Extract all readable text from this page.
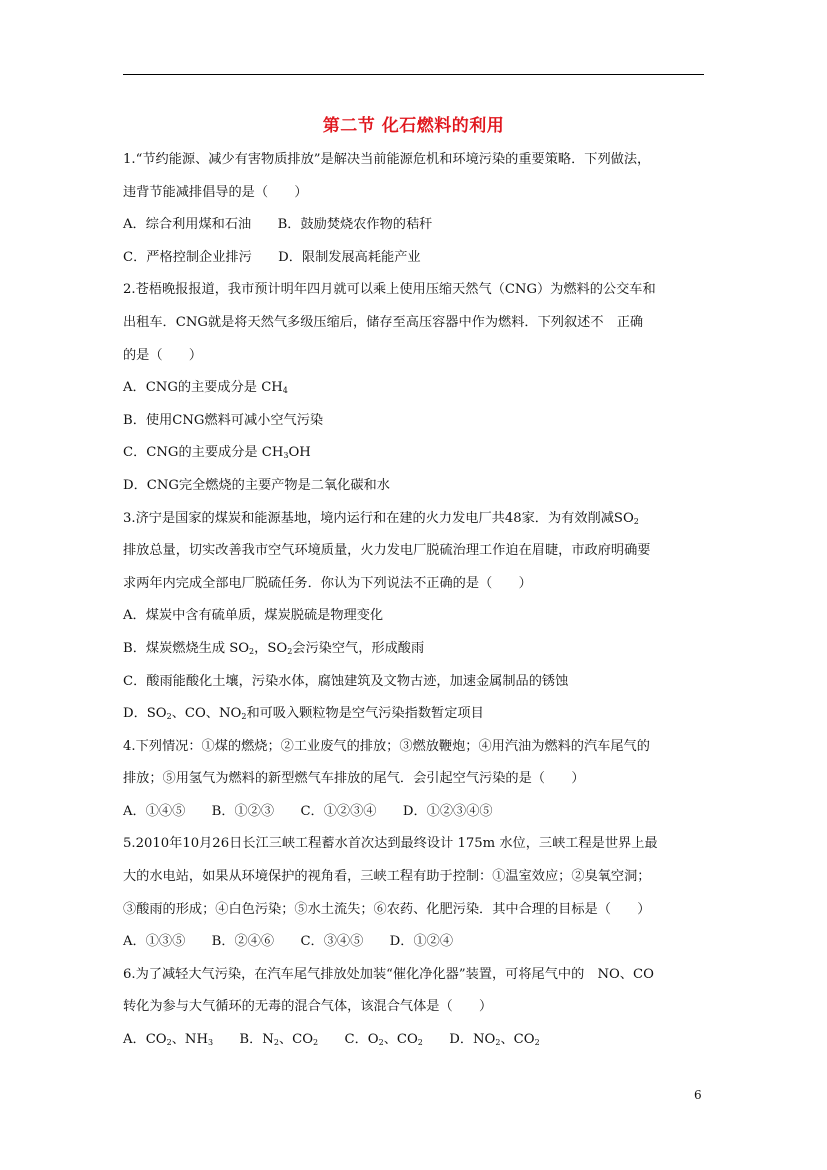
第二节 化石燃料的利用
1.“节约能源、减少有害物质排放”是解决当前能源危机和环境污染的重要策略．下列做法，
违背节能减排倡导的是（　　）
A．综合利用煤和石油　　B．鼓励焚烧农作物的秸秆
C．严格控制企业排污　　D．限制发展高耗能产业
2.苍梧晚报报道，我市预计明年四月就可以乘上使用压缩天然气（CNG）为燃料的公交车和
出租车．CNG就是将天然气多级压缩后，储存至高压容器中作为燃料．下列叙述不　正确
的是（　　）
A．CNG的主要成分是 $CH_4$
B．使用CNG燃料可减小空气污染
C．CNG的主要成分是 $CH_3OH$
D．CNG完全燃烧的主要产物是二氧化碳和水
3.济宁是国家的煤炭和能源基地，境内运行和在建的火力发电厂共48家．为有效削减$SO_2$
排放总量，切实改善我市空气环境质量，火力发电厂脱硫治理工作迫在眉睫，市政府明确要
求两年内完成全部电厂脱硫任务．你认为下列说法不正确的是（　　）
A．煤炭中含有硫单质，煤炭脱硫是物理变化
B．煤炭燃烧生成 $SO_2$，$SO_2$会污染空气，形成酸雨
C．酸雨能酸化土壤，污染水体，腐蚀建筑及文物古迹，加速金属制品的锈蚀
D．$SO_2$、CO、$NO_2$和可吸入颗粒物是空气污染指数暂定项目
4.下列情况：①煤的燃烧；②工业废气的排放；③燃放鞭炮；④用汽油为燃料的汽车尾气的
排放；⑤用氢气为燃料的新型燃气车排放的尾气．会引起空气污染的是（　　）
A．①④⑤　　B．①②③　　C．①②③④　　D．①②③④⑤
5.2010年10月26日长江三峡工程蓄水首次达到最终设计 175m 水位，三峡工程是世界上最
大的水电站，如果从环境保护的视角看，三峡工程有助于控制：①温室效应；②臭氧空洞；
③酸雨的形成；④白色污染；⑤水土流失；⑥农药、化肥污染．其中合理的目标是（　　）
A．①③⑤　　B．②④⑥　　C．③④⑤　　D．①②④
6.为了减轻大气污染，在汽车尾气排放处加装“催化净化器”装置，可将尾气中的　NO、CO
转化为参与大气循环的无毒的混合气体，该混合气体是（　　）
A．$CO_2$、$NH_3$　　B．$N_2$、$CO_2$　　C．$O_2$、$CO_2$　　D．$NO_2$、$CO_2$
6
